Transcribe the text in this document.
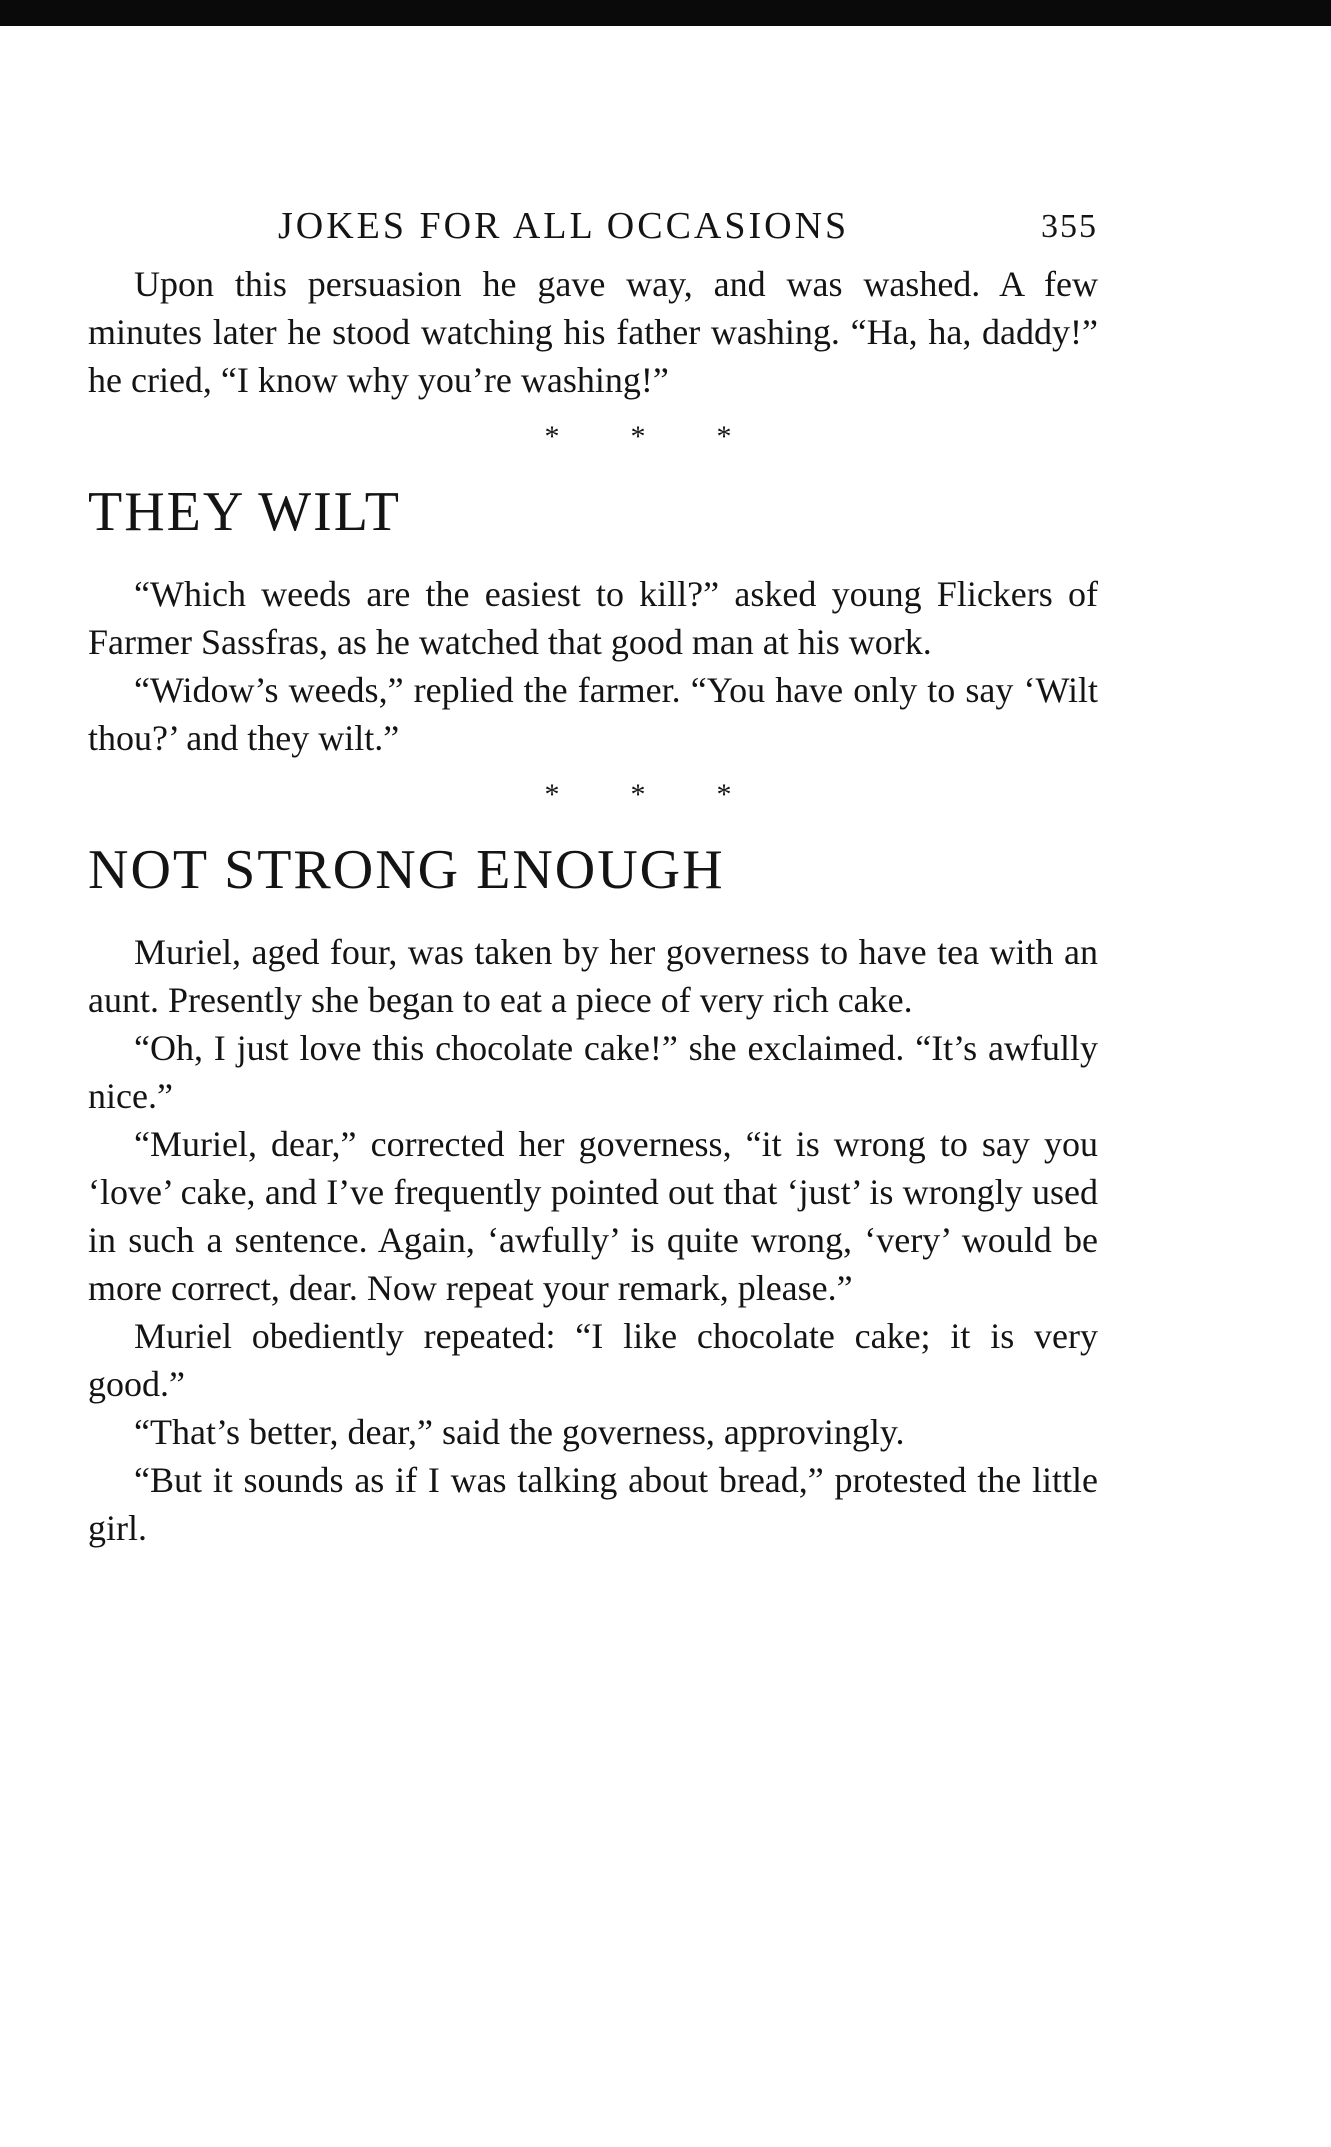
JOKES FOR ALL OCCASIONS	355

Upon this persuasion he gave way, and was washed. A few minutes later he stood watching his father washing. “Ha, ha, daddy!” he cried, “I know why you’re washing!”

* * *
THEY WILT

“Which weeds are the easiest to kill?” asked young Flickers of Farmer Sassfras, as he watched that good man at his work.

“Widow’s weeds,” replied the farmer. “You have only to say ‘Wilt thou?’ and they wilt.”

* * *
NOT STRONG ENOUGH

Muriel, aged four, was taken by her governess to have tea with an aunt. Presently she began to eat a piece of very rich cake.

“Oh, I just love this chocolate cake!” she exclaimed. “It’s awfully nice.”

“Muriel, dear,” corrected her governess, “it is wrong to say you ‘love’ cake, and I’ve frequently pointed out that ‘just’ is wrongly used in such a sentence. Again, ‘awfully’ is quite wrong, ‘very’ would be more correct, dear. Now repeat your remark, please.”

Muriel obediently repeated: “I like chocolate cake; it is very good.”

“That’s better, dear,” said the governess, approvingly.

“But it sounds as if I was talking about bread,” protested the little girl.
